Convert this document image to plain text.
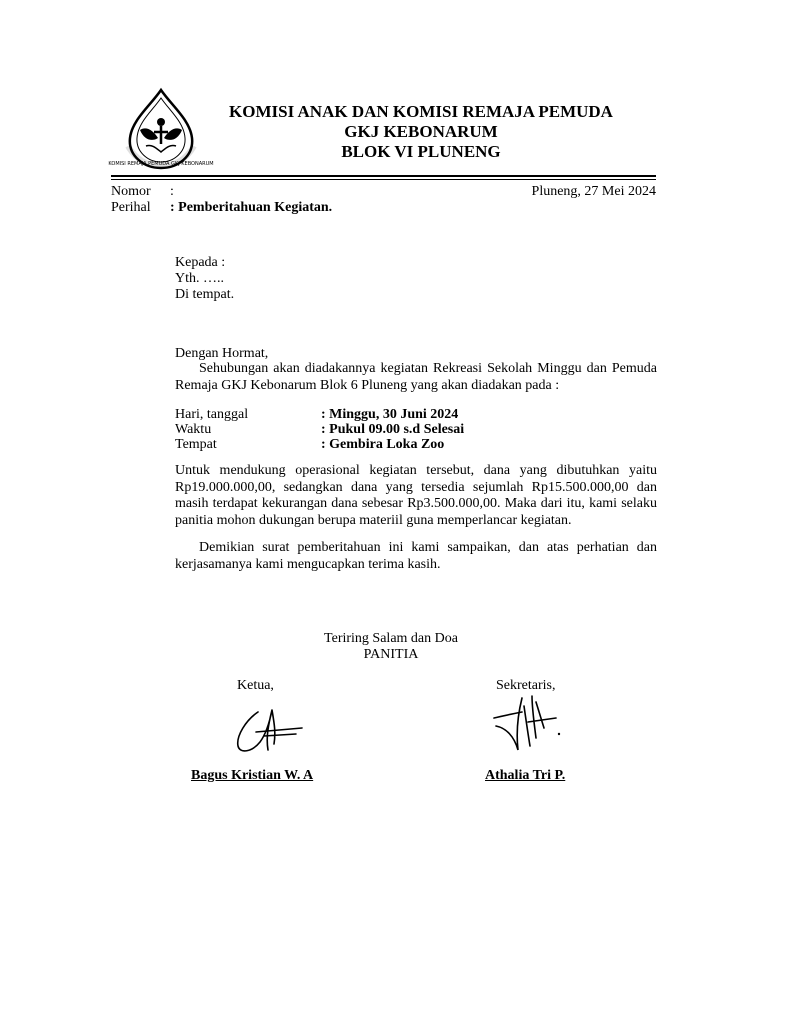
KOMISI REMAJA PEMUDA GKJ KEBONARUM
KOMISI ANAK DAN KOMISI REMAJA PEMUDA
GKJ KEBONARUM
BLOK VI PLUNENG
Nomor :	Pluneng, 27 Mei 2024
Perihal : Pemberitahuan Kegiatan.
Kepada :
Yth. …..
Di tempat.
Dengan Hormat,
Sehubungan akan diadakannya kegiatan Rekreasi Sekolah Minggu dan Pemuda
Remaja GKJ Kebonarum Blok 6 Pluneng yang akan diadakan pada :
Hari, tanggal	: Minggu, 30 Juni 2024
Waktu	: Pukul 09.00 s.d Selesai
Tempat	: Gembira Loka Zoo
Untuk mendukung operasional kegiatan tersebut, dana yang dibutuhkan yaitu Rp19.000.000,00, sedangkan dana yang tersedia sejumlah Rp15.500.000,00 dan masih terdapat kekurangan dana sebesar Rp3.500.000,00. Maka dari itu, kami selaku panitia mohon dukungan berupa materiil guna memperlancar kegiatan.
Demikian surat pemberitahuan ini kami sampaikan, dan atas perhatian dan kerjasamanya kami mengucapkan terima kasih.
Teriring Salam dan Doa
PANITIA
Ketua,	Sekretaris,
Bagus Kristian W. A	Athalia Tri P.
